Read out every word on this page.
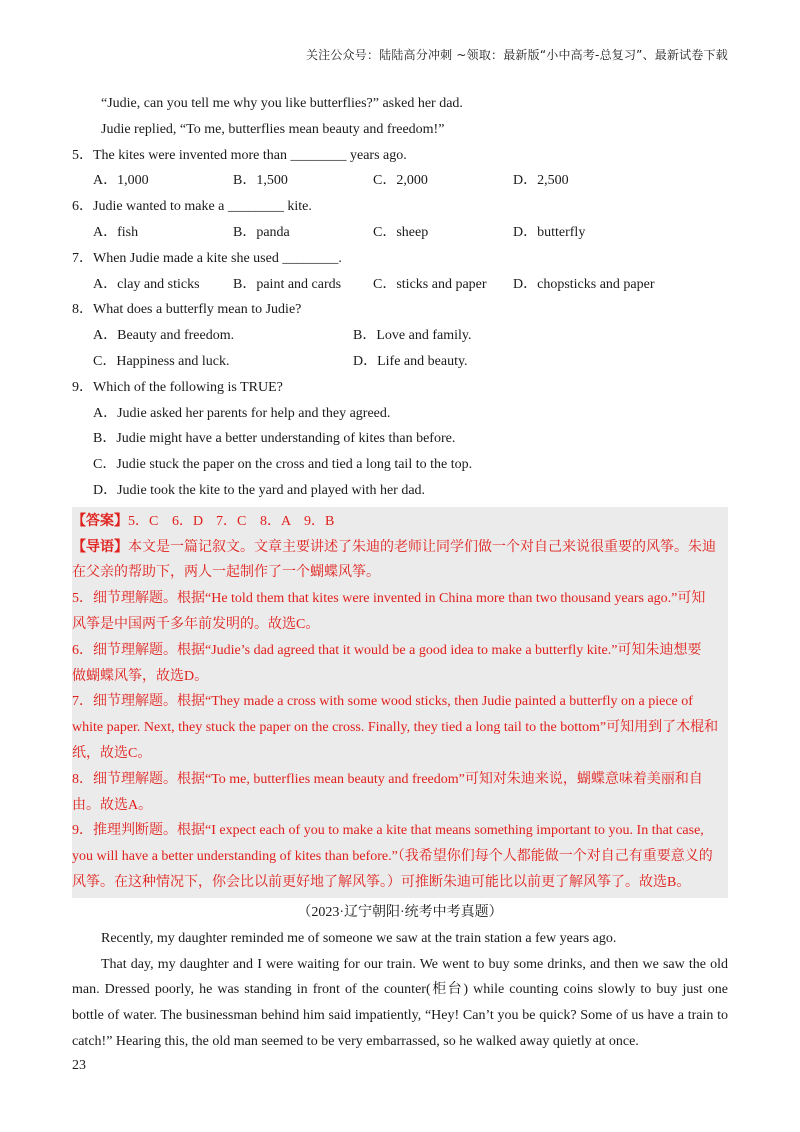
关注公众号：陆陆高分冲刺 ~领取：最新版“小中高考-总复习”、最新试卷下载
“Judie, can you tell me why you like butterflies?” asked her dad.
Judie replied, “To me, butterflies mean beauty and freedom!”
5．The kites were invented more than ________ years ago.
A．1,000	B．1,500	C．2,000	D．2,500
6．Judie wanted to make a ________ kite.
A．fish	B．panda	C．sheep	D．butterfly
7．When Judie made a kite she used ________.
A．clay and sticks	B．paint and cards	C．sticks and paper	D．chopsticks and paper
8．What does a butterfly mean to Judie?
A．Beauty and freedom.	B．Love and family.
C．Happiness and luck.	D．Life and beauty.
9．Which of the following is TRUE?
A．Judie asked her parents for help and they agreed.
B．Judie might have a better understanding of kites than before.
C．Judie stuck the paper on the cross and tied a long tail to the top.
D．Judie took the kite to the yard and played with her dad.
【答案】5．C 6．D 7．C 8．A 9．B
【导语】本文是一篇记叙文。文章主要讲述了朱迪的老师让同学们做一个对自己来说很重要的风筝。朱迪
在父亲的帮助下，两人一起制作了一个蝴蝶风筝。
5．细节理解题。根据“He told them that kites were invented in China more than two thousand years ago.”可知
风筝是中国两千多年前发明的。故选C。
6．细节理解题。根据“Judie’s dad agreed that it would be a good idea to make a butterfly kite.”可知朱迪想要
做蝴蝶风筝，故选D。
7．细节理解题。根据“They made a cross with some wood sticks, then Judie painted a butterfly on a piece of
white paper. Next, they stuck the paper on the cross. Finally, they tied a long tail to the bottom”可知用到了木棍和
纸，故选C。
8．细节理解题。根据“To me, butterflies mean beauty and freedom”可知对朱迪来说，蝴蝶意味着美丽和自
由。故选A。
9．推理判断题。根据“I expect each of you to make a kite that means something important to you. In that case,
you will have a better understanding of kites than before.”（我希望你们每个人都能做一个对自己有重要意义的
风筝。在这种情况下，你会比以前更好地了解风筝。）可推断朱迪可能比以前更了解风筝了。故选B。
（2023·辽宁朝阳·统考中考真题）
Recently, my daughter reminded me of someone we saw at the train station a few years ago.
That day, my daughter and I were waiting for our train. We went to buy some drinks, and then we saw the old man. Dressed poorly, he was standing in front of the counter(柜台) while counting coins slowly to buy just one bottle of water. The businessman behind him said impatiently, “Hey! Can’t you be quick? Some of us have a train to catch!” Hearing this, the old man seemed to be very embarrassed, so he walked away quietly at once.
23
